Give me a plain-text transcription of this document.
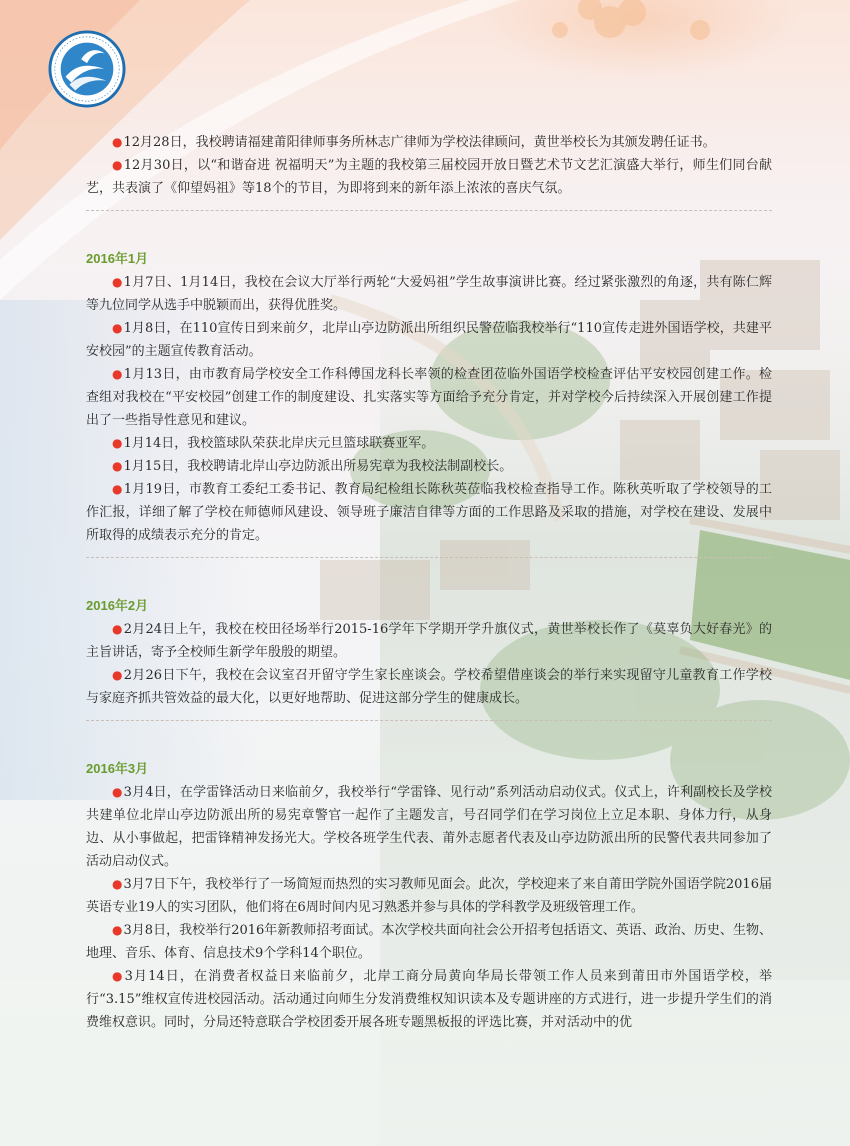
●12月28日，我校聘请福建莆阳律师事务所林志广律师为学校法律顾问，黄世举校长为其颁发聘任证书。

●12月30日，以“和谐奋进 祝福明天”为主题的我校第三届校园开放日暨艺术节文艺汇演盛大举行，师生们同台献艺，共表演了《仰望妈祖》等18个的节目，为即将到来的新年添上浓浓的喜庆气氛。

2016年1月

●1月7日、1月14日，我校在会议大厅举行两轮“大爱妈祖”学生故事演讲比赛。经过紧张激烈的角逐，共有陈仁辉等九位同学从选手中脱颖而出，获得优胜奖。

●1月8日，在110宣传日到来前夕，北岸山亭边防派出所组织民警莅临我校举行“110宣传走进外国语学校，共建平安校园”的主题宣传教育活动。

●1月13日，由市教育局学校安全工作科傅国龙科长率领的检查团莅临外国语学校检查评估平安校园创建工作。检查组对我校在“平安校园”创建工作的制度建设、扎实落实等方面给予充分肯定，并对学校今后持续深入开展创建工作提出了一些指导性意见和建议。

●1月14日，我校篮球队荣获北岸庆元旦篮球联赛亚军。

●1月15日，我校聘请北岸山亭边防派出所易宪章为我校法制副校长。

●1月19日，市教育工委纪工委书记、教育局纪检组长陈秋英莅临我校检查指导工作。陈秋英听取了学校领导的工作汇报，详细了解了学校在师德师风建设、领导班子廉洁自律等方面的工作思路及采取的措施，对学校在建设、发展中所取得的成绩表示充分的肯定。

2016年2月

●2月24日上午，我校在校田径场举行2015-16学年下学期开学升旗仪式，黄世举校长作了《莫辜负大好春光》的主旨讲话，寄予全校师生新学年殷殷的期望。

●2月26日下午，我校在会议室召开留守学生家长座谈会。学校希望借座谈会的举行来实现留守儿童教育工作学校与家庭齐抓共管效益的最大化，以更好地帮助、促进这部分学生的健康成长。

2016年3月

●3月4日，在学雷锋活动日来临前夕，我校举行“学雷锋、见行动”系列活动启动仪式。仪式上，许利副校长及学校共建单位北岸山亭边防派出所的易宪章警官一起作了主题发言，号召同学们在学习岗位上立足本职、身体力行，从身边、从小事做起，把雷锋精神发扬光大。学校各班学生代表、莆外志愿者代表及山亭边防派出所的民警代表共同参加了活动启动仪式。

●3月7日下午，我校举行了一场简短而热烈的实习教师见面会。此次，学校迎来了来自莆田学院外国语学院2016届英语专业19人的实习团队，他们将在6周时间内见习熟悉并参与具体的学科教学及班级管理工作。

●3月8日，我校举行2016年新教师招考面试。本次学校共面向社会公开招考包括语文、英语、政治、历史、生物、地理、音乐、体育、信息技术9个学科14个职位。

●3月14日，在消费者权益日来临前夕，北岸工商分局黄向华局长带领工作人员来到莆田市外国语学校，举行“3.15”维权宣传进校园活动。活动通过向师生分发消费维权知识读本及专题讲座的方式进行，进一步提升学生们的消费维权意识。同时，分局还特意联合学校团委开展各班专题黑板报的评选比赛，并对活动中的优
